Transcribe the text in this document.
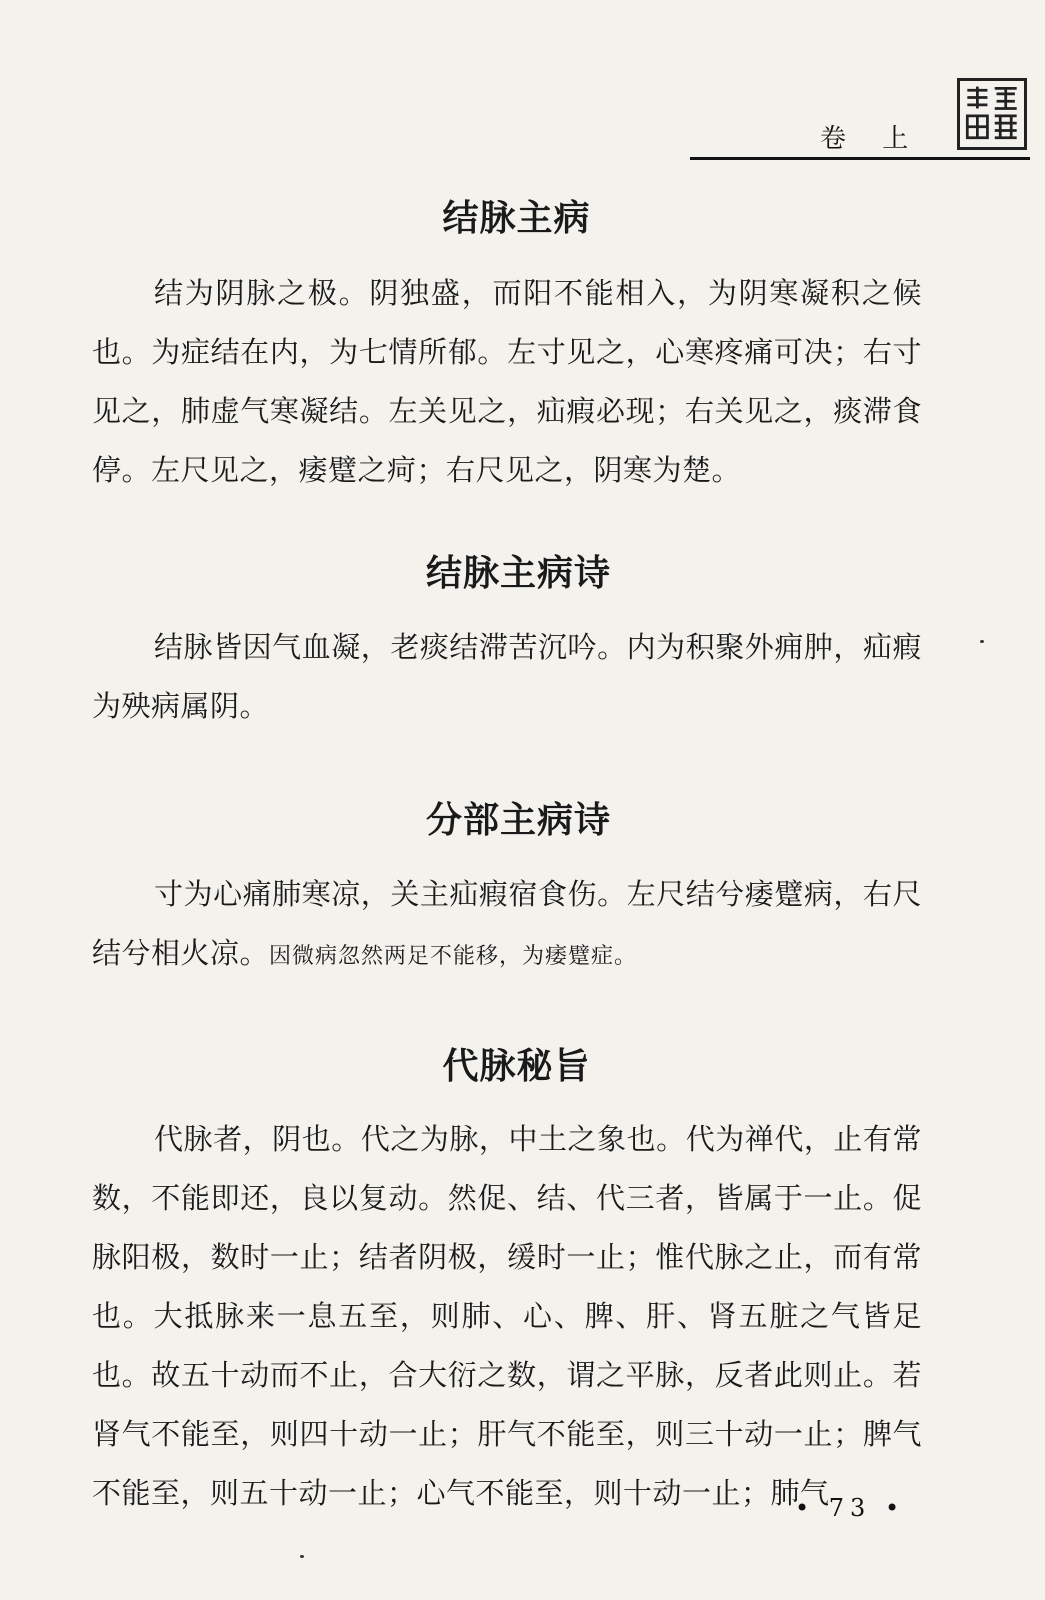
卷 上
结脉主病
结为阴脉之极。阴独盛，而阳不能相入，为阴寒凝积之候也。为症结在内，为七情所郁。左寸见之，心寒疼痛可决；右寸见之，肺虚气寒凝结。左关见之，疝瘕必现；右关见之，痰滞食停。左尺见之，痿躄之疴；右尺见之，阴寒为楚。
结脉主病诗
结脉皆因气血凝，老痰结滞苦沉吟。内为积聚外痈肿，疝瘕为殃病属阴。
分部主病诗
寸为心痛肺寒凉，关主疝瘕宿食伤。左尺结兮痿躄病，右尺结兮相火凉。因微病忽然两足不能移，为痿躄症。
代脉秘旨
代脉者，阴也。代之为脉，中土之象也。代为禅代，止有常数，不能即还，良以复动。然促、结、代三者，皆属于一止。促脉阳极，数时一止；结者阴极，缓时一止；惟代脉之止，而有常也。大抵脉来一息五至，则肺、心、脾、肝、肾五脏之气皆足也。故五十动而不止，合大衍之数，谓之平脉，反者此则止。若肾气不能至，则四十动一止；肝气不能至，则三十动一止；脾气不能至，则五十动一止；心气不能至，则十动一止；肺气
• 73 •
